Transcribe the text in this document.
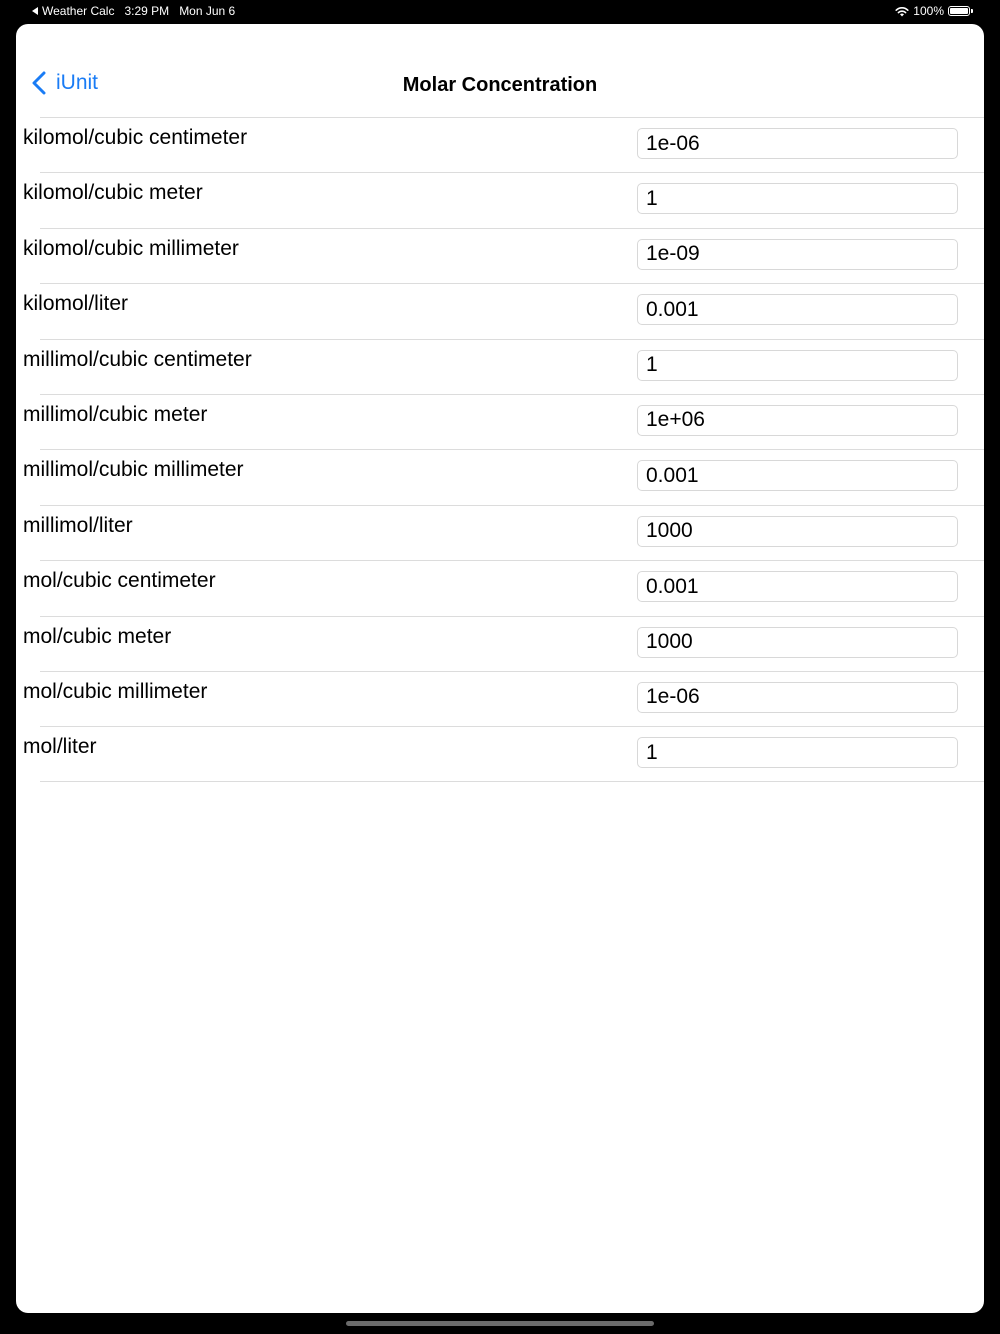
Weather Calc 3:29 PM Mon Jun 6	100%
iUnit	Molar Concentration
kilomol/cubic centimeter
1e-06
kilomol/cubic meter
1
kilomol/cubic millimeter
1e-09
kilomol/liter
0.001
millimol/cubic centimeter
1
millimol/cubic meter
1e+06
millimol/cubic millimeter
0.001
millimol/liter
1000
mol/cubic centimeter
0.001
mol/cubic meter
1000
mol/cubic millimeter
1e-06
mol/liter
1
